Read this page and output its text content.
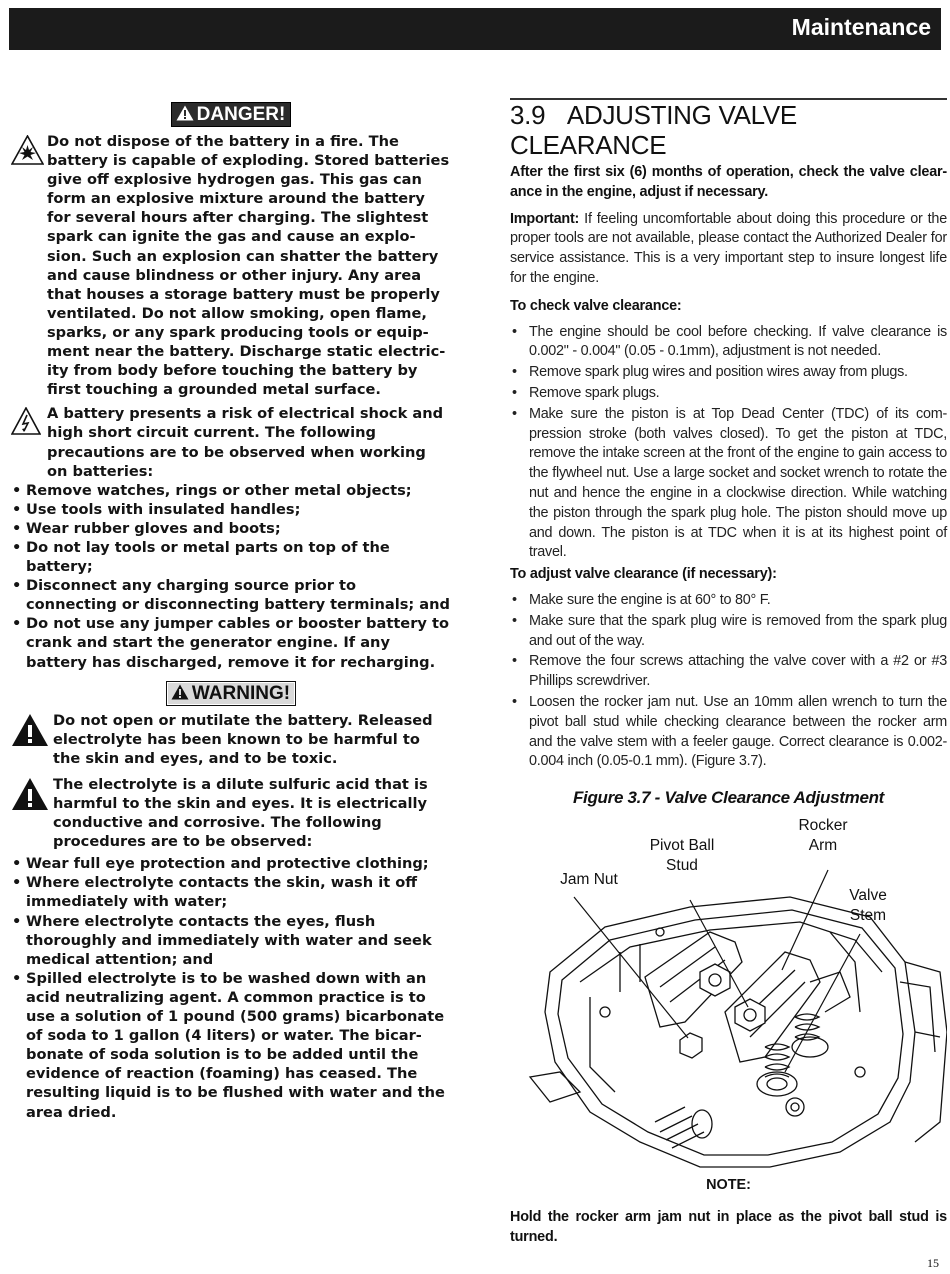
Maintenance
DANGER!
Do not dispose of the battery in a fire. The battery is capable of exploding. Stored batteries give off explosive hydrogen gas. This gas can form an explosive mixture around the battery for several hours after charging. The slightest spark can ignite the gas and cause an explo-sion. Such an explosion can shatter the battery and cause blindness or other injury. Any area that houses a storage battery must be properly ventilated. Do not allow smoking, open flame, sparks, or any spark producing tools or equip-ment near the battery. Discharge static electric-ity from body before touching the battery by first touching a grounded metal surface.
A battery presents a risk of electrical shock and high short circuit current. The following precautions are to be observed when working on batteries:
• Remove watches, rings or other metal objects;
• Use tools with insulated handles;
• Wear rubber gloves and boots;
• Do not lay tools or metal parts on top of the battery;
• Disconnect any charging source prior to connecting or disconnecting battery terminals; and
• Do not use any jumper cables or booster battery to crank and start the generator engine. If any battery has discharged, remove it for recharging.
WARNING!
Do not open or mutilate the battery. Released electrolyte has been known to be harmful to the skin and eyes, and to be toxic.
The electrolyte is a dilute sulfuric acid that is harmful to the skin and eyes. It is electrically conductive and corrosive. The following procedures are to be observed:
• Wear full eye protection and protective clothing;
• Where electrolyte contacts the skin, wash it off immediately with water;
• Where electrolyte contacts the eyes, flush thoroughly and immediately with water and seek medical attention; and
• Spilled electrolyte is to be washed down with an acid neutralizing agent. A common practice is to use a solution of 1 pound (500 grams) bicarbonate of soda to 1 gallon (4 liters) or water. The bicar-bonate of soda solution is to be added until the evidence of reaction (foaming) has ceased. The resulting liquid is to be flushed with water and the area dried.
3.9 ADJUSTING VALVE CLEARANCE
After the first six (6) months of operation, check the valve clear-ance in the engine, adjust if necessary.
Important: If feeling uncomfortable about doing this procedure or the proper tools are not available, please contact the Authorized Dealer for service assistance. This is a very important step to insure longest life for the engine.
To check valve clearance:
• The engine should be cool before checking. If valve clearance is 0.002" - 0.004" (0.05 - 0.1mm), adjustment is not needed.
• Remove spark plug wires and position wires away from plugs.
• Remove spark plugs.
• Make sure the piston is at Top Dead Center (TDC) of its com-pression stroke (both valves closed). To get the piston at TDC, remove the intake screen at the front of the engine to gain access to the flywheel nut. Use a large socket and socket wrench to rotate the nut and hence the engine in a clockwise direction. While watching the piston through the spark plug hole. The piston should move up and down. The piston is at TDC when it is at its highest point of travel.
To adjust valve clearance (if necessary):
• Make sure the engine is at 60° to 80° F.
• Make sure that the spark plug wire is removed from the spark plug and out of the way.
• Remove the four screws attaching the valve cover with a #2 or #3 Phillips screwdriver.
• Loosen the rocker jam nut. Use an 10mm allen wrench to turn the pivot ball stud while checking clearance between the rocker arm and the valve stem with a feeler gauge. Correct clearance is 0.002-0.004 inch (0.05-0.1 mm). (Figure 3.7).
Figure 3.7 - Valve Clearance Adjustment
Jam Nut
Pivot Ball
Stud
Rocker
Arm
Valve
Stem
NOTE:
Hold the rocker arm jam nut in place as the pivot ball stud is turned.
15
